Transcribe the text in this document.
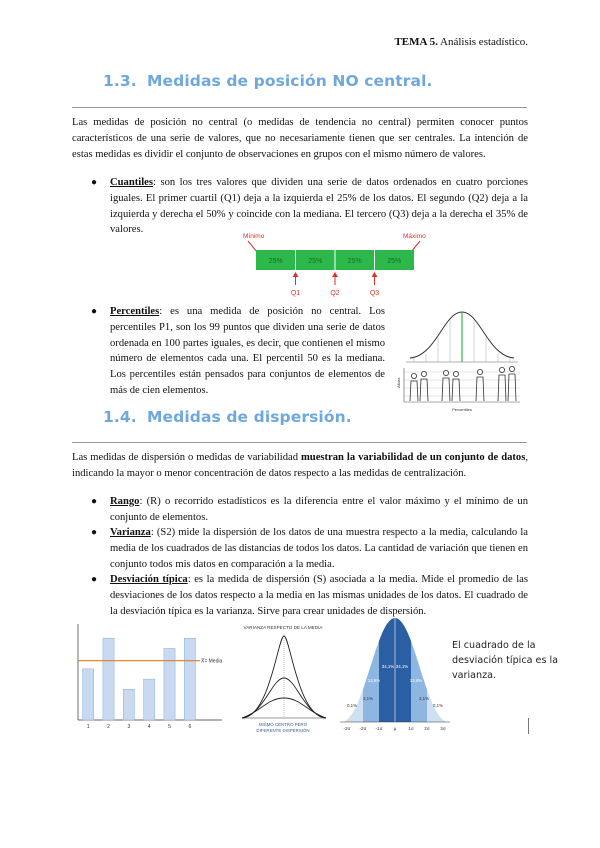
TEMA 5. Análisis estadístico.
1.3. Medidas de posición NO central.
Las medidas de posición no central (o medidas de tendencia no central) permiten conocer puntos característicos de una serie de valores, que no necesariamente tienen que ser centrales. La intención de estas medidas es dividir el conjunto de observaciones en grupos con el mismo número de valores.
● Cuantiles: son los tres valores que dividen una serie de datos ordenados en cuatro porciones iguales. El primer cuartil (Q1) deja a la izquierda el 25% de los datos. El segundo (Q2) deja a la izquierda y derecha el 50% y coincide con la mediana. El tercero (Q3) deja a la derecha el 35% de valores.
Mínimo	Máximo
25%	25%	25%	25%
Q1	Q2	Q3
● Percentiles: es una medida de posición no central. Los percentiles P1, son los 99 puntos que dividen una serie de datos ordenada en 100 partes iguales, es decir, que contienen el mismo número de elementos cada una. El percentil 50 es la mediana. Los percentiles están pensados para conjuntos de elementos de más de cien elementos.
Percentiles
Altura
1.4. Medidas de dispersión.
Las medidas de dispersión o medidas de variabilidad muestran la variabilidad de un conjunto de datos, indicando la mayor o menor concentración de datos respecto a las medidas de centralización.
● Rango: (R) o recorrido estadísticos es la diferencia entre el valor máximo y el mínimo de un conjunto de elementos.
● Varianza: (S2) mide la dispersión de los datos de una muestra respecto a la media, calculando la media de los cuadrados de las distancias de todos los datos. La cantidad de variación que tienen en conjunto todos mis datos en comparación a la media.
● Desviación típica: es la medida de dispersión (S) asociada a la media. Mide el promedio de las desviaciones de los datos respecto a la media en las mismas unidades de los datos. El cuadrado de la desviación típica es la varianza. Sirve para crear unidades de dispersión.
1	2	3	4	5	6
X̄= Media
VARIANZA RESPECTO DE LA MEDIA
MISMO CENTRO PERO
DIFERENTE DISPERSIÓN
0,1%
2,1%
13,6%
34,1% 34,1%
13,6%
2,1%
0,1%
-3σ -2σ -1σ μ	1σ 2σ 3σ
El cuadrado de la
desviación típica es la
varianza.
